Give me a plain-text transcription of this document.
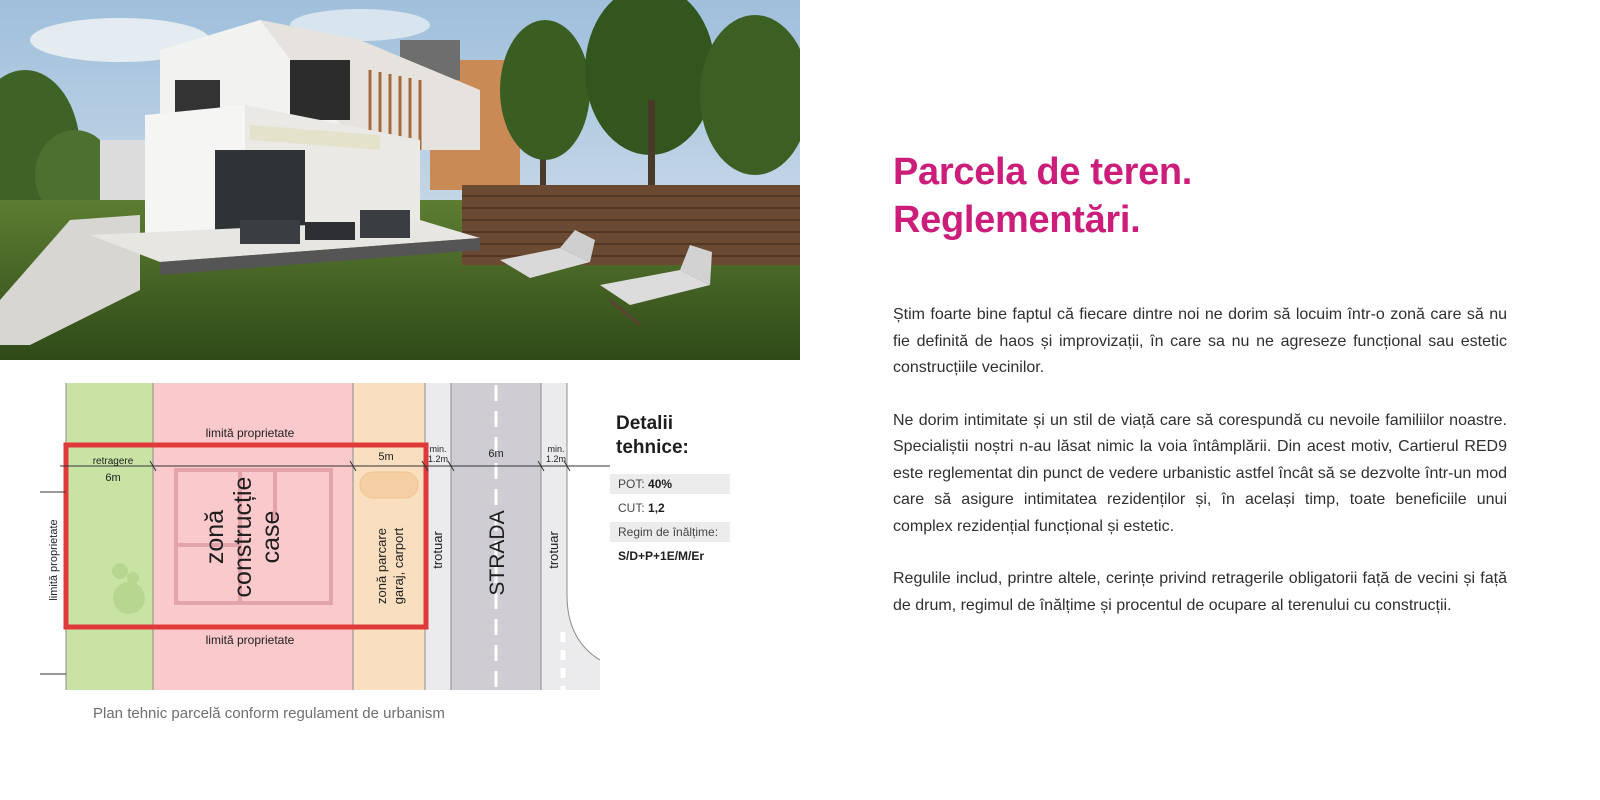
limită proprietate
limită proprietate
limită proprietate
retragere
6m
5m
min.
1.2m	6m	min.
1.2m
zonă construcție case	zonă parcare garaj, carport trotuar STRADA	trotuar
Plan tehnic parcelă conform regulament de urbanism
Detalii tehnice:
POT: 40%
CUT: 1,2
Regim de înălțime:
S/D+P+1E/M/Er
Parcela de teren.
Reglementări.

Știm foarte bine faptul că fiecare dintre noi ne dorim să locuim într-o zonă care să nu fie definită de haos și improvizații, în care sa nu ne agreseze funcțional sau estetic construcțiile vecinilor.

Ne dorim intimitate și un stil de viață care să corespundă cu nevoile familiilor noastre. Specialiștii noștri n-au lăsat nimic la voia întâmplării. Din acest motiv, Cartierul RED9 este reglementat din punct de vedere urbanistic astfel încât să se dezvolte într-un mod care să asigure intimitatea rezidenților și, în același timp, toate beneficiile unui complex rezidențial funcțional și estetic.

Regulile includ, printre altele, cerințe privind retragerile obligatorii față de vecini și față de drum, regimul de înălțime și procentul de ocupare al terenului cu construcții.
